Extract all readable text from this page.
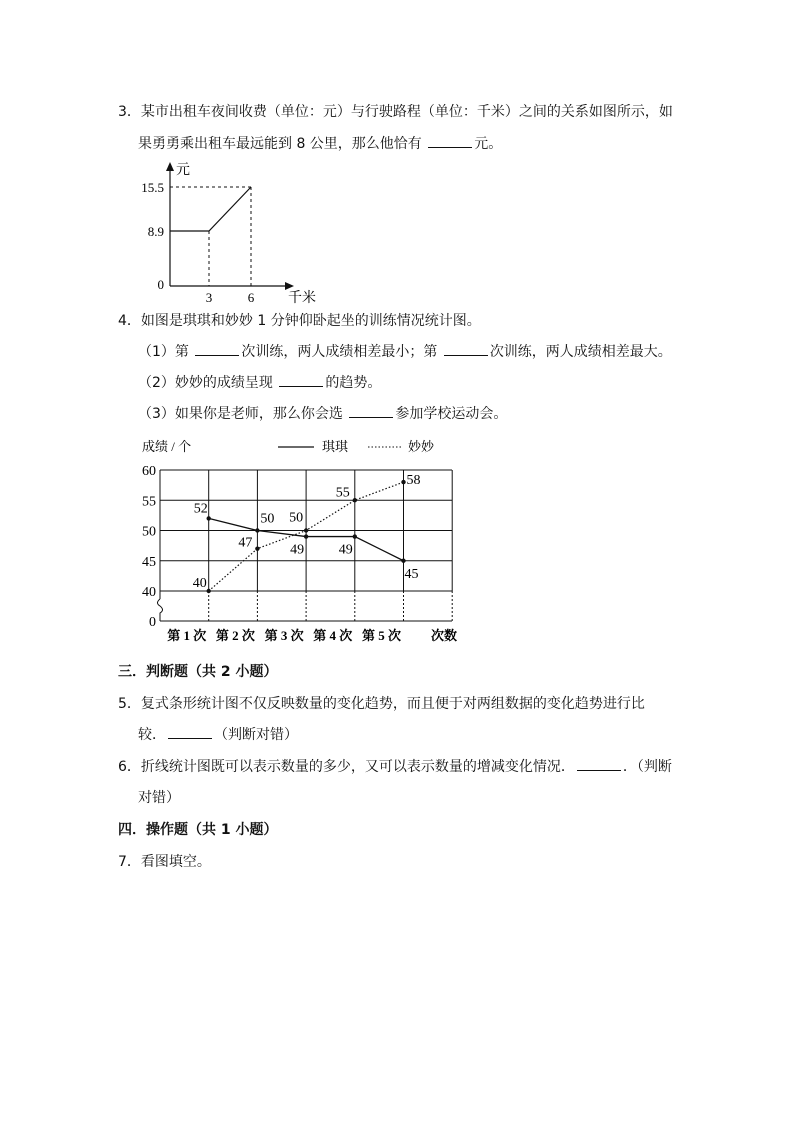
3．某市出租车夜间收费（单位：元）与行驶路程（单位：千米）之间的关系如图所示，如
果勇勇乘出租车最远能到 8 公里，那么他恰有	元。
元
15.5
8.9
0
3	6 千米
4．如图是琪琪和妙妙 1 分钟仰卧起坐的训练情况统计图。
（1）第	次训练，两人成绩相差最小；第	次训练，两人成绩相差最大。
（2）妙妙的成绩呈现	的趋势。
（3）如果你是老师，那么你会选	参加学校运动会。
成绩 / 个	琪琪	妙妙
60
55
50
45
40
0
第 1 次 第 2 次 第 3 次 第 4 次 第 5 次 次数
52
50
49 49
45
40
47
50
55
58
三．判断题（共 2 小题）
5．复式条形统计图不仅反映数量的变化趋势，而且便于对两组数据的变化趋势进行比
较．	（判断对错）
6．折线统计图既可以表示数量的多少，又可以表示数量的增减变化情况．	．（判断
对错）
四．操作题（共 1 小题）
7．看图填空。
